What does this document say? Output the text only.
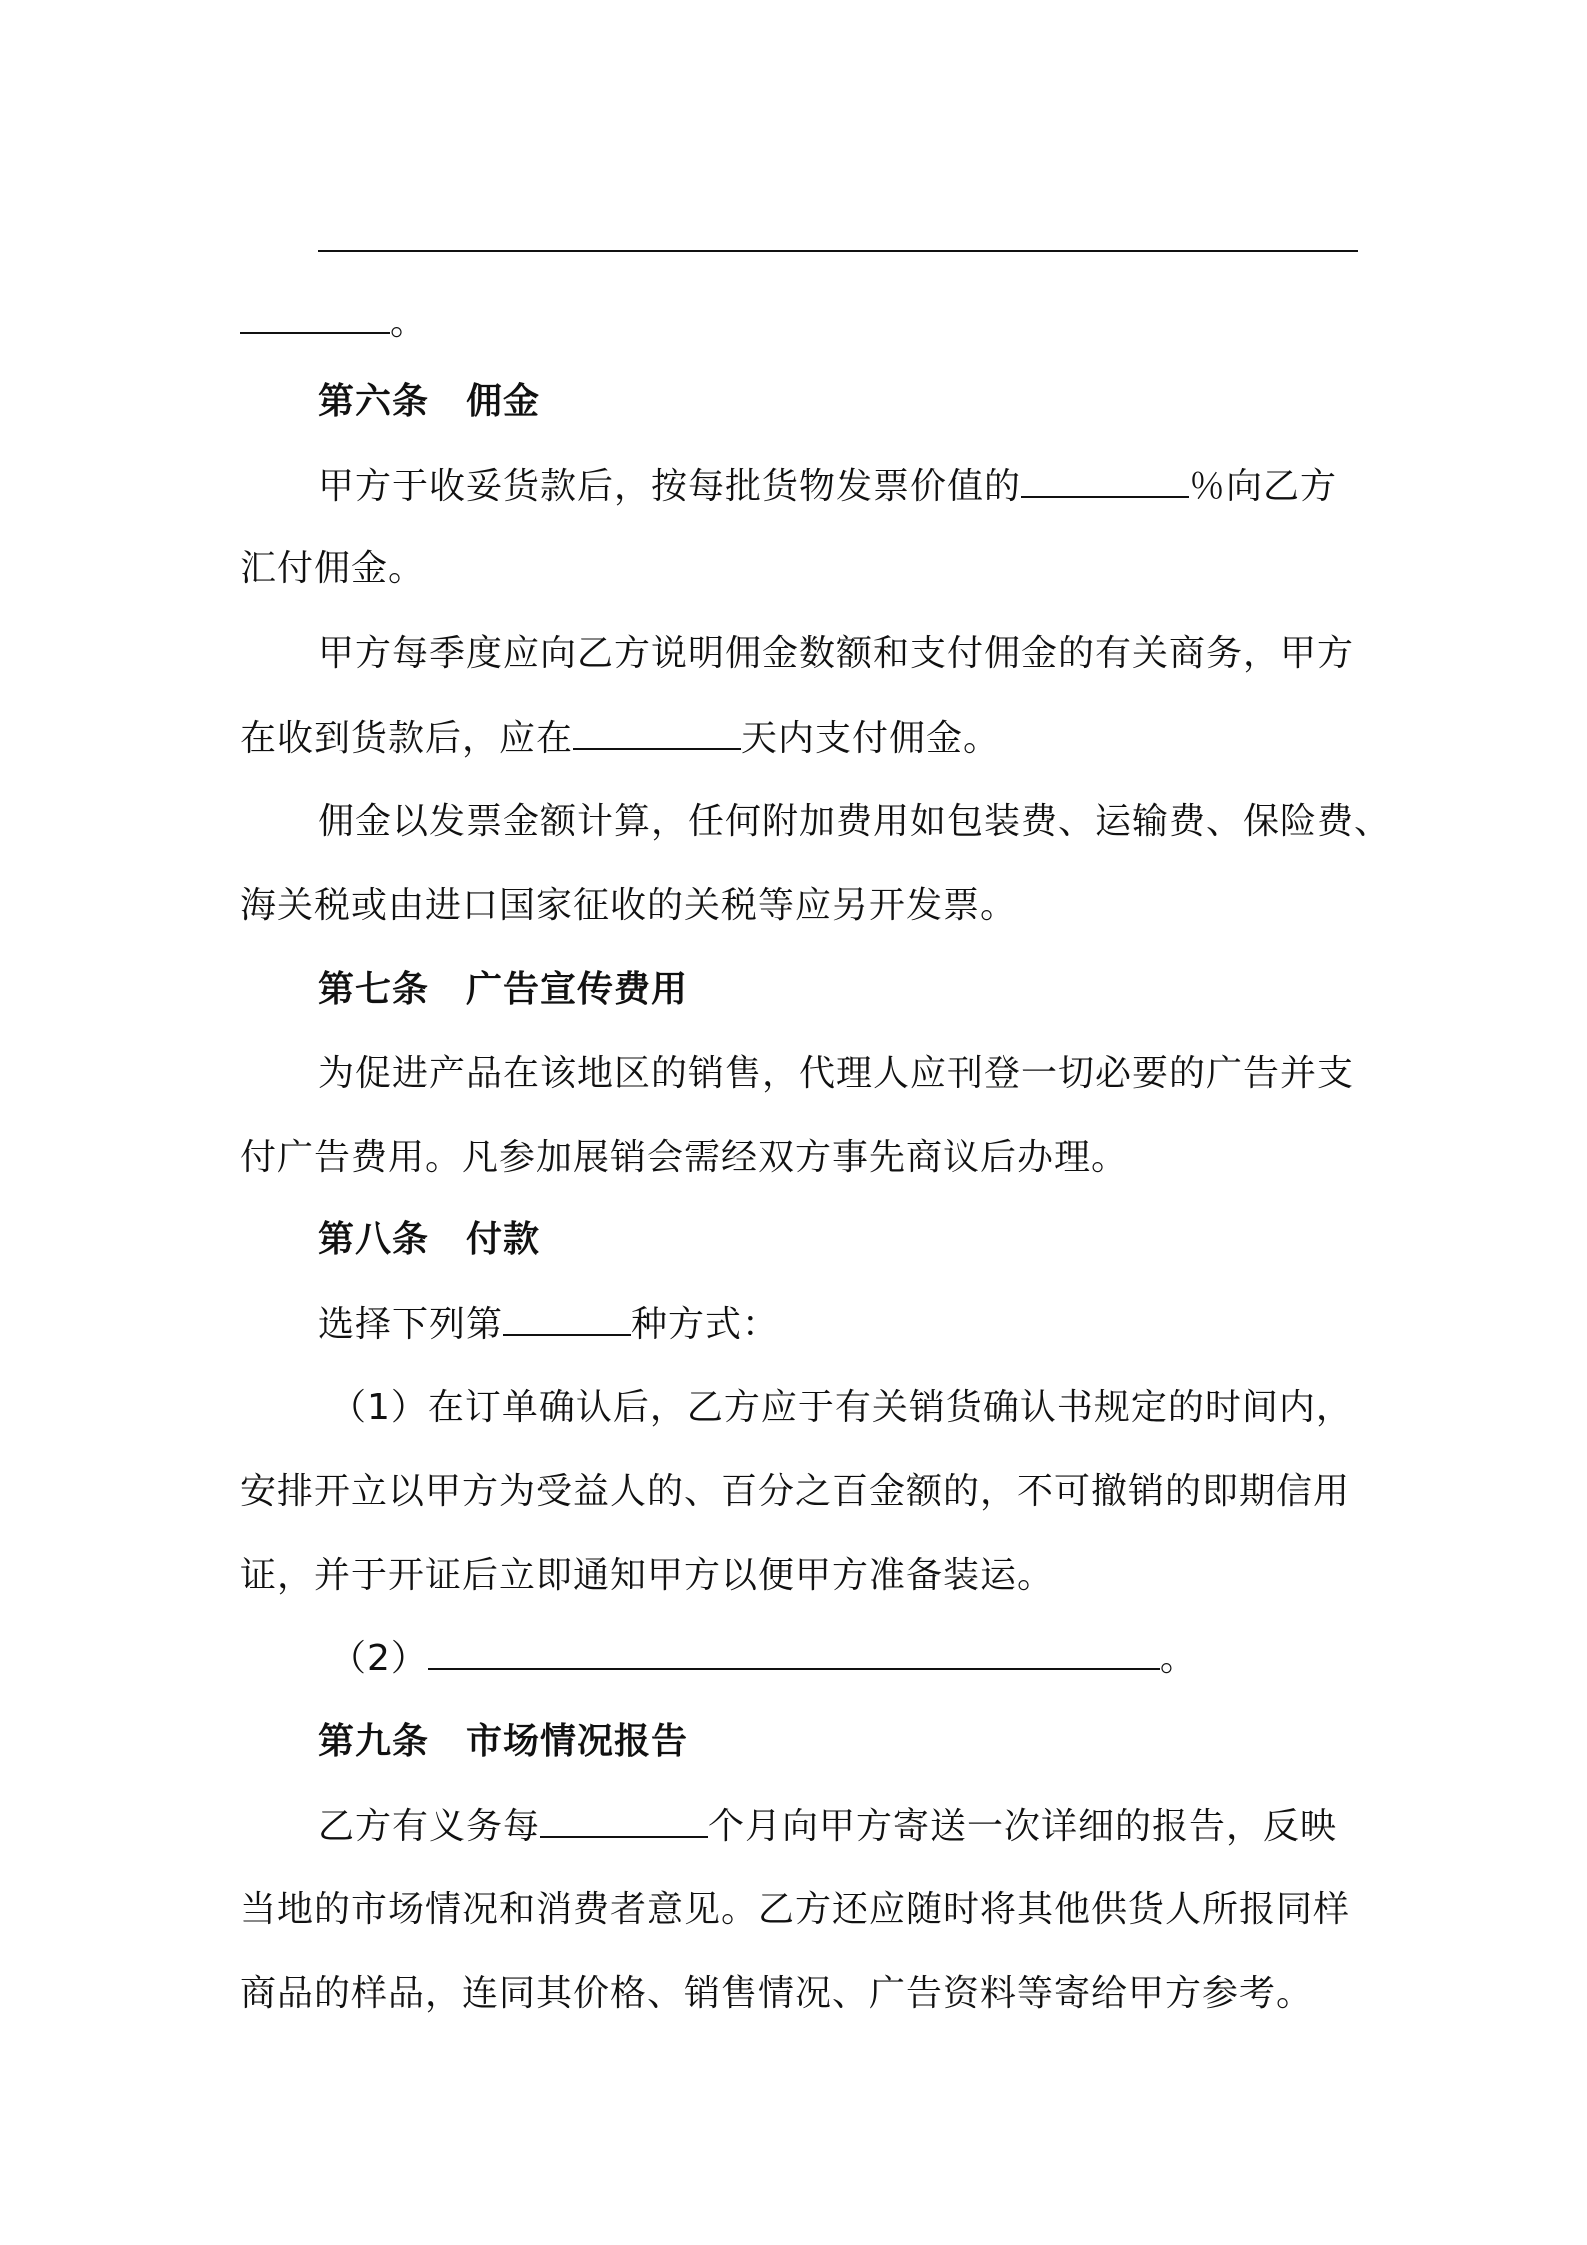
。
第六条　佣金
甲方于收妥货款后，按每批货物发票价值的	％向乙方
汇付佣金。
甲方每季度应向乙方说明佣金数额和支付佣金的有关商务，甲方
在收到货款后，应在	天内支付佣金。
佣金以发票金额计算，任何附加费用如包装费、运输费、保险费、
海关税或由进口国家征收的关税等应另开发票。
第七条　广告宣传费用
为促进产品在该地区的销售，代理人应刊登一切必要的广告并支
付广告费用。凡参加展销会需经双方事先商议后办理。
第八条　付款
选择下列第	种方式：
（1）在订单确认后，乙方应于有关销货确认书规定的时间内，
安排开立以甲方为受益人的、百分之百金额的，不可撤销的即期信用
证，并于开证后立即通知甲方以便甲方准备装运。
（2）	。
第九条　市场情况报告
乙方有义务每	个月向甲方寄送一次详细的报告，反映
当地的市场情况和消费者意见。乙方还应随时将其他供货人所报同样
商品的样品，连同其价格、销售情况、广告资料等寄给甲方参考。
